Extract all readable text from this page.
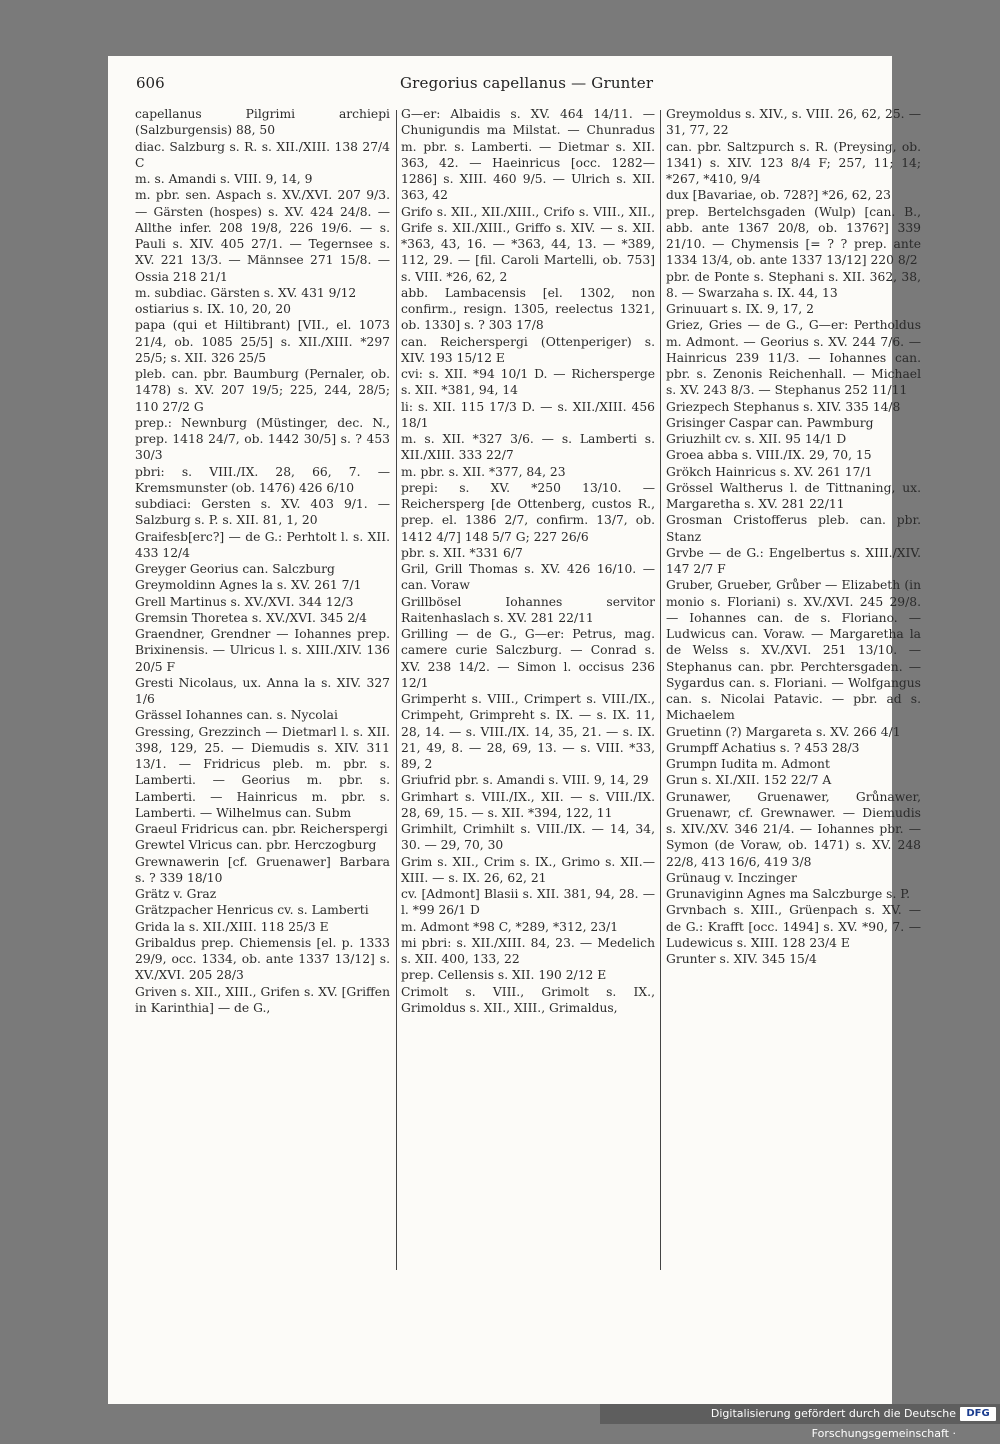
606	Gregorius capellanus — Grunter

capellanus Pilgrimi archiepi (Salzburgensis) 88, 50

diac. Salzburg s. R. s. XII./XIII. 138 27/4 C

m. s. Amandi s. VIII. 9, 14, 9

m. pbr. sen. Aspach s. XV./XVI. 207 9/3. — Gärsten (hospes) s. XV. 424 24/8. — Allthe infer. 208 19/8, 226 19/6. — s. Pauli s. XIV. 405 27/1. — Tegernsee s. XV. 221 13/3. — Männsee 271 15/8. — Ossia 218 21/1

m. subdiac. Gärsten s. XV. 431 9/12

ostiarius s. IX. 10, 20, 20

papa (qui et Hiltibrant) [VII., el. 1073 21/4, ob. 1085 25/5] s. XII./XIII. *297 25/5; s. XII. 326 25/5

pleb. can. pbr. Baumburg (Pernaler, ob. 1478) s. XV. 207 19/5; 225, 244, 28/5; 110 27/2 G

prep.: Newnburg (Müstinger, dec. N., prep. 1418 24/7, ob. 1442 30/5] s. ? 453 30/3

pbri: s. VIII./IX. 28, 66, 7. — Kremsmunster (ob. 1476) 426 6/10

subdiaci: Gersten s. XV. 403 9/1. — Salzburg s. P. s. XII. 81, 1, 20

Graifesb[erc?] — de G.: Perhtolt l. s. XII. 433 12/4

Greyger Georius can. Salczburg

Greymoldinn Agnes la s. XV. 261 7/1

Grell Martinus s. XV./XVI. 344 12/3

Gremsin Thoretea s. XV./XVI. 345 2/4

Graendner, Grendner — Iohannes prep. Brixinensis. — Ulricus l. s. XIII./XIV. 136 20/5 F

Gresti Nicolaus, ux. Anna la s. XIV. 327 1/6

Grässel Iohannes can. s. Nycolai

Gressing, Grezzinch — Dietmarl l. s. XII. 398, 129, 25. — Diemudis s. XIV. 311 13/1. — Fridricus pleb. m. pbr. s. Lamberti. — Georius m. pbr. s. Lamberti. — Hainricus m. pbr. s. Lamberti. — Wilhelmus can. Subm

Graeul Fridricus can. pbr. Reicherspergi

Grewtel Vlricus can. pbr. Herczogburg

Grewnawerin [cf. Gruenawer] Barbara s. ? 339 18/10

Grätz v. Graz

Grätzpacher Henricus cv. s. Lamberti

Grida la s. XII./XIII. 118 25/3 E

Gribaldus prep. Chiemensis [el. p. 1333 29/9, occ. 1334, ob. ante 1337 13/12] s. XV./XVI. 205 28/3

Griven s. XII., XIII., Grifen s. XV. [Griffen in Karinthia] — de G.,

G—er: Albaidis s. XV. 464 14/11. — Chunigundis ma Milstat. — Chunradus m. pbr. s. Lamberti. — Dietmar s. XII. 363, 42. — Haeinricus [occ. 1282—1286] s. XIII. 460 9/5. — Ulrich s. XII. 363, 42

Grifo s. XII., XII./XIII., Crifo s. VIII., XII., Grife s. XII./XIII., Griffo s. XIV. — s. XII. *363, 43, 16. — *363, 44, 13. — *389, 112, 29. — [fil. Caroli Martelli, ob. 753] s. VIII. *26, 62, 2

abb. Lambacensis [el. 1302, non confirm., resign. 1305, reelectus 1321, ob. 1330] s. ? 303 17/8

can. Reicherspergi (Ottenperiger) s. XIV. 193 15/12 E

cvi: s. XII. *94 10/1 D. — Richersperge s. XII. *381, 94, 14

li: s. XII. 115 17/3 D. — s. XII./XIII. 456 18/1

m. s. XII. *327 3/6. — s. Lamberti s. XII./XIII. 333 22/7

m. pbr. s. XII. *377, 84, 23

prepi: s. XV. *250 13/10. — Reichersperg [de Ottenberg, custos R., prep. el. 1386 2/7, confirm. 13/7, ob. 1412 4/7] 148 5/7 G; 227 26/6

pbr. s. XII. *331 6/7

Gril, Grill Thomas s. XV. 426 16/10. — can. Voraw

Grillbösel Iohannes servitor Raitenhaslach s. XV. 281 22/11

Grilling — de G., G—er: Petrus, mag. camere curie Salczburg. — Conrad s. XV. 238 14/2. — Simon l. occisus 236 12/1

Grimperht s. VIII., Crimpert s. VIII./IX., Crimpeht, Grimpreht s. IX. — s. IX. 11, 28, 14. — s. VIII./IX. 14, 35, 21. — s. IX. 21, 49, 8. — 28, 69, 13. — s. VIII. *33, 89, 2

Griufrid pbr. s. Amandi s. VIII. 9, 14, 29

Grimhart s. VIII./IX., XII. — s. VIII./IX. 28, 69, 15. — s. XII. *394, 122, 11

Grimhilt, Crimhilt s. VIII./IX. — 14, 34, 30. — 29, 70, 30

Grim s. XII., Crim s. IX., Grimo s. XII.—XIII. — s. IX. 26, 62, 21

cv. [Admont] Blasii s. XII. 381, 94, 28. — l. *99 26/1 D

m. Admont *98 C, *289, *312, 23/1

mi pbri: s. XII./XIII. 84, 23. — Medelich s. XII. 400, 133, 22

prep. Cellensis s. XII. 190 2/12 E

Crimolt s. VIII., Grimolt s. IX., Grimoldus s. XII., XIII., Grimaldus,

Greymoldus s. XIV., s. VIII. 26, 62, 25. — 31, 77, 22

can. pbr. Saltzpurch s. R. (Preysing, ob. 1341) s. XIV. 123 8/4 F; 257, 11; 14; *267, *410, 9/4

dux [Bavariae, ob. 728?] *26, 62, 23

prep. Bertelchsgaden (Wulp) [can. B., abb. ante 1367 20/8, ob. 1376?] 339 21/10. — Chymensis [= ? ? prep. ante 1334 13/4, ob. ante 1337 13/12] 220 8/2

pbr. de Ponte s. Stephani s. XII. 362, 38, 8. — Swarzaha s. IX. 44, 13

Grinuuart s. IX. 9, 17, 2

Griez, Gries — de G., G—er: Pertholdus m. Admont. — Georius s. XV. 244 7/6. — Hainricus 239 11/3. — Iohannes can. pbr. s. Zenonis Reichenhall. — Michael s. XV. 243 8/3. — Stephanus 252 11/11

Griezpech Stephanus s. XIV. 335 14/8

Grisinger Caspar can. Pawmburg

Griuzhilt cv. s. XII. 95 14/1 D

Groea abba s. VIII./IX. 29, 70, 15

Grökch Hainricus s. XV. 261 17/1

Grössel Waltherus l. de Tittnaning, ux. Margaretha s. XV. 281 22/11

Grosman Cristofferus pleb. can. pbr. Stanz

Grvbe — de G.: Engelbertus s. XIII./XIV. 147 2/7 F

Gruber, Grueber, Grůber — Elizabeth (in monio s. Floriani) s. XV./XVI. 245 29/8. — Iohannes can. de s. Floriano. — Ludwicus can. Voraw. — Margaretha la de Welss s. XV./XVI. 251 13/10. — Stephanus can. pbr. Perchtersgaden. — Sygardus can. s. Floriani. — Wolfgangus can. s. Nicolai Patavic. — pbr. ad s. Michaelem

Gruetinn (?) Margareta s. XV. 266 4/1

Grumpff Achatius s. ? 453 28/3

Grumpn Iudita m. Admont

Grun s. XI./XII. 152 22/7 A

Grunawer, Gruenawer, Grůnawer, Gruenawr, cf. Grewnawer. — Diemudis s. XIV./XV. 346 21/4. — Iohannes pbr. — Symon (de Voraw, ob. 1471) s. XV. 248 22/8, 413 16/6, 419 3/8

Grünaug v. Inczinger

Grunaviginn Agnes ma Salczburge s. P.

Grvnbach s. XIII., Grüenpach s. XV. — de G.: Krafft [occ. 1494] s. XV. *90, 7. — Ludewicus s. XIII. 128 23/4 E

Grunter s. XIV. 345 15/4

Digitalisierung gefördert durch die Deutsche Forschungsgemeinschaft ·
DFG
